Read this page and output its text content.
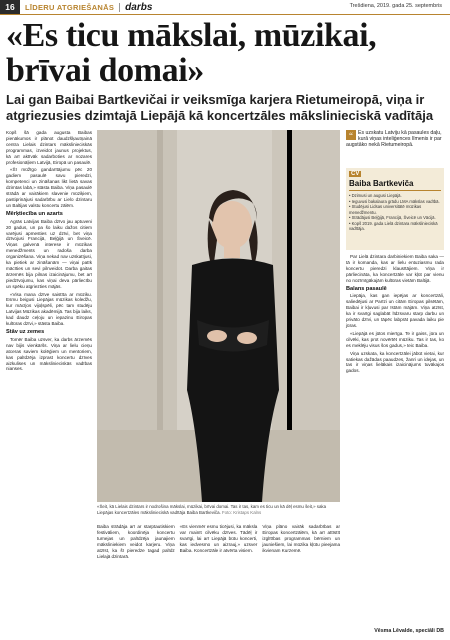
16	LĪDERU ATGRIEŠANĀS darbs	Trešdiena, 2019. gada 25. septembris
«Es ticu mākslai, mūzikai, brīvai domai»
Lai gan Baibai Bartkevičai ir veiksmīga karjera Rietumeiropā, viņa ir atgriezusies dzimtajā Liepājā kā koncertzāles mākslinieciskā vadītāja

Kopš šā gada augusta Baibas pienākumos ir plānot daudzšķautņainā centra Lielais dzintars mākslinieciskās programmas, izveidot jaunus projektus, kā arī aktīvāk sadarboties ar nozares profesionāļiem Latvijā, Eiropā un pasaulē.

«Šī mūžīgo gandarītājumu pēc 20 gadiem pasaulē savu pieredzi, kompetenci un zināšanas likt lietā savas dzimtas labā,» stāsta Baiba. Viņa pasaulē strādā ar vairākiem slavenie mūziķiem, pastiprinājusi sadarbību ar Lielo dzintaru un Baltijas valstu koncertu zālēm.

Mērķtiecība un azarts

Agrās Latvijas Baiba dzīvo jau aptuveni 20 gadus, un pa šo laiku dažos citiem varējusi apmesties uz dzīvi, bet viņa dzīvojusi Francijā, Beļģijā un Šveicē. Viņas galvenā interese ir mūzikas menedžments un radoša darba organizēšana. Viņa nekad nav uzskatījusi, ka pietiek ar zināšanām — viņai patīk mācīties un sevi pilnveidot. Darba gaitas ārzemēs bija pilnas izaicinājumu, bet arī piedzīvojumu, kas viņai deva pārliecību un spēku atgriezties mājās.

«Visa mana dzīve saistīta ar mūziku. Esmu beigusi Liepājas mūzikas koledžu, kur mācījos vijoļspēli, pēc tam studēju Latvijas Mūzikas akadēmijā. Tas bija laiks, kad daudz ceļoju un iepazinu Eiropas kultūras dzīvi,» stāsta Baiba.

Stāv uz zemes

Tomēr Baiba uzsver, ka darbs ārzemēs nav bijis vienkāršs. Viņa ar lielu cieņu atceras saviem kolēģiem un mentoriem, kas palīdzēja izprast koncertu dzīves aizkulises un mākslinieciskās vadības nianses.

«Šeit, kā Lielais dzintars ir nodrošina mākslai, mūzikai, brīvai domai. Tas ir tas, kam es ticu un kā dēļ esmu šeit,» saka Liepājas koncertzāles mākslinieciskā vadītāja Baiba Bartkevičа. Foto: Kristaps Kalns

Baiba strādāja arī ar starptautiskiem festivāliem, koordinēja koncertu turnejas un palīdzēja jaunajiem māksliniekiem veidot karjeru. Viņa atzīst, ka šī pieredze tagad palīdz Lielajā dzintarā.

«Es vienmēr esmu ticējusi, ka māksla var mainīt cilvēku dzīves. Tādēļ ir svarīgi, lai arī Liepājā būtu koncerti, kas iedvesmo un aizrauj,» uzsver Baiba. Koncertzāle ir atvērta visiem.

Viņa plāno vairāk sadarbības ar Eiropas koncertzālēm, kā arī attīstīt izglītības programmas bērniem un jauniešiem, lai mūzika kļūtu pieejama ikvienam Kurzemē.

“ Es uzskatu Latviju kā pasaules daļu, kurā viņas inteliģences līmenis ir par augstāko nekā Rietumeiropā.
CV
Baiba Bartkeviča
• Dzimusi un augusi Liepājā.
• Ieguvusi bakalaura grādu LMA mākslas vadībā.
• Studējusi Lidsas universitātē mūzikas menedžmentu.
• Strādājusi Beļģijā, Francijā, Šveicē un Vācijā.
• Kopš 2019. gada Lielā dzintara mākslinieciskā vadītāja.

Par Lielā dzintara darbiniekiem Baiba saka — tā ir komanda, kas ar lielu entuziasmu rada koncertu pieredzi klausītājiem. Viņa ir pārliecināta, ka koncertzāle var kļūt par vienu no nozīmīgākajām kultūras vietām Baltijā.

Balans pasaulē

Liepāja, kas gan iepējas ar koncertzāli, saliedējusi ar Parīzi un citām Eiropas pilsētām, Baibai ir kļuvusi par īstām mājām. Viņa atzīst, ka ir svarīgi saglabāt līdzsvaru starp darbu un privāto dzīvi, un tāpēc labprāt pavada laiku pie jūras.

«Liepājā es jūtos mierīga. Te ir gaiss, jūra un cilvēki, kas prot novērtēt mūziku. Tas ir tas, ko es meklēju visus šos gadus,» teic Baiba.

Viņa uzskata, ka koncertzālei jābūt vietai, kur satiekas dažādas paaudzes, žanri un idejas, un tas ir viņas lielākais izaicinājums tuvākajos gados.

Vēsma Lēvalde, speciāli DB
